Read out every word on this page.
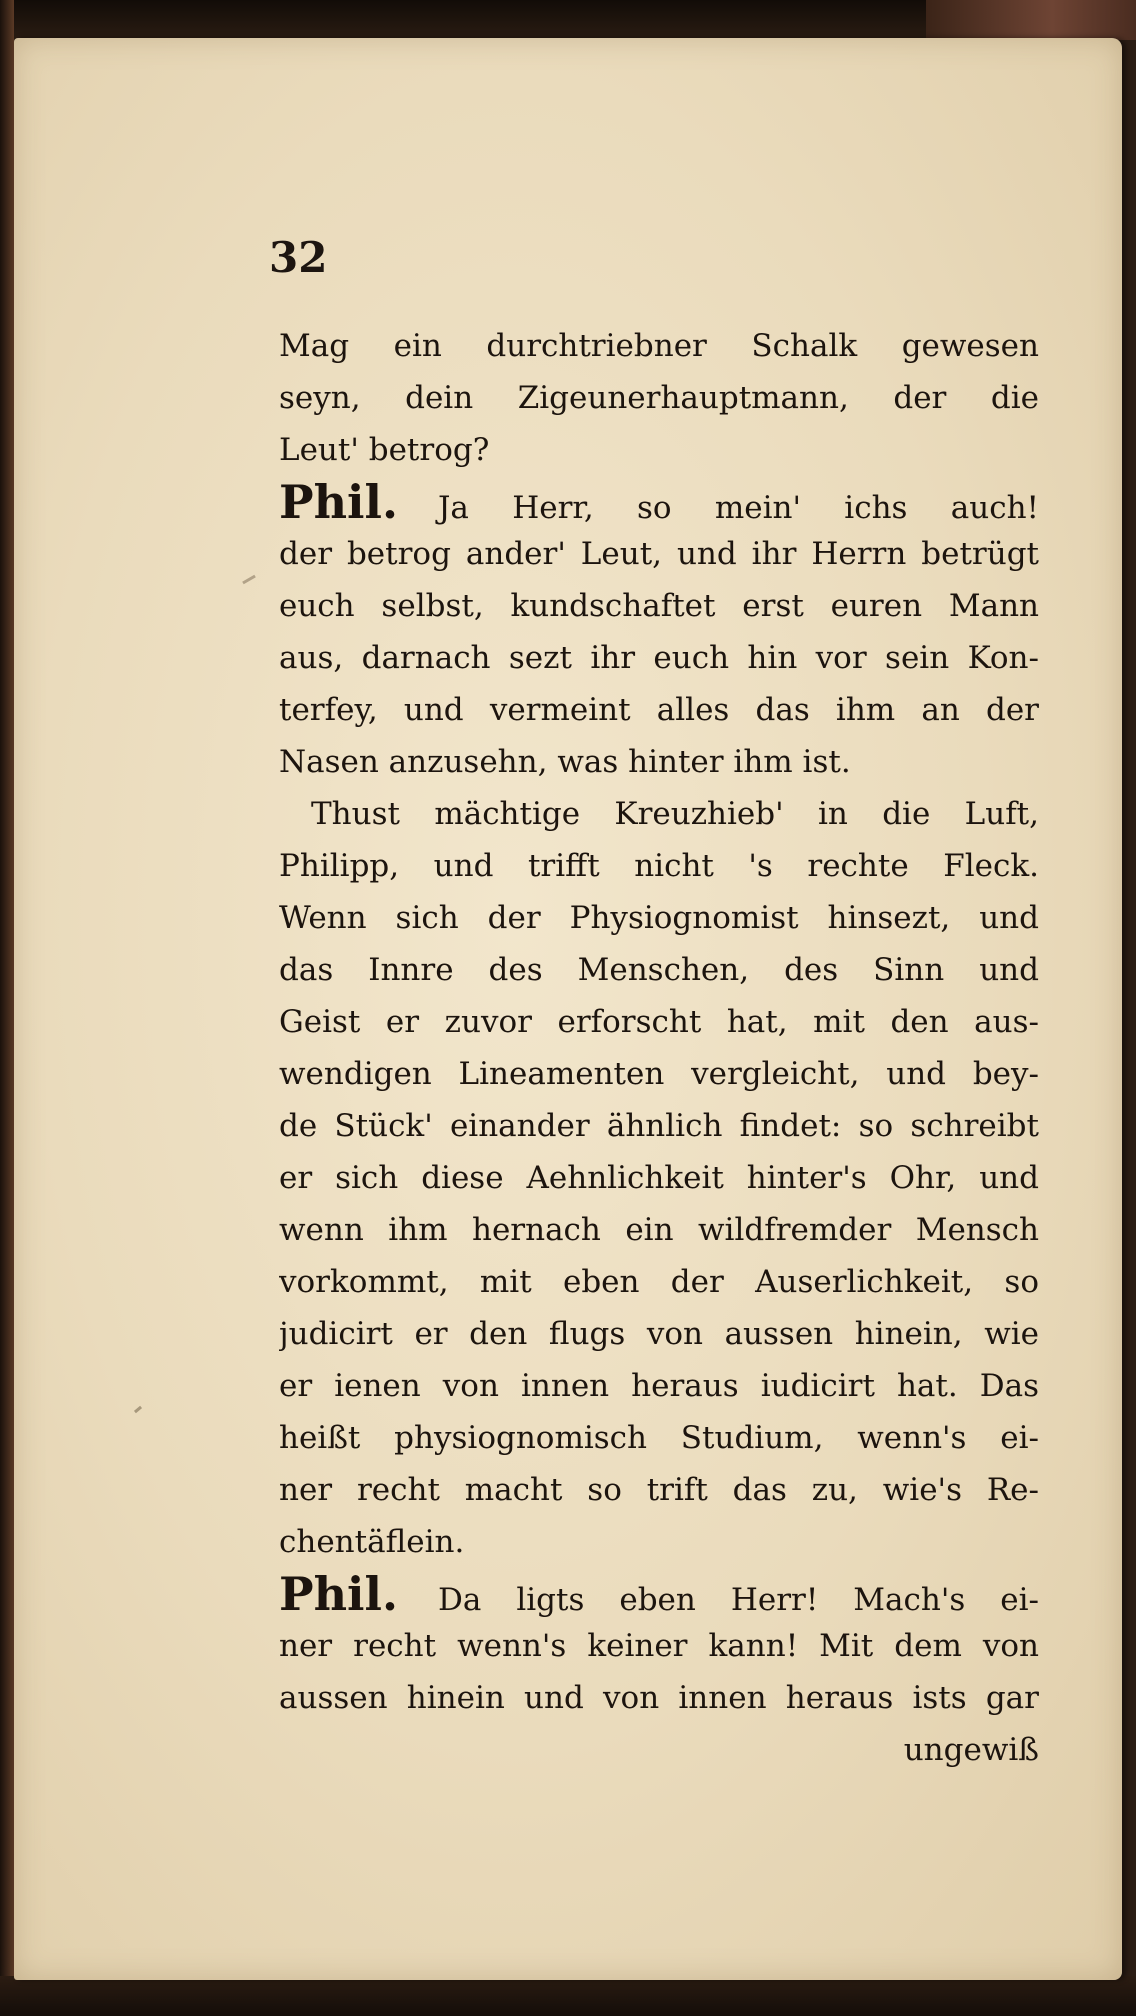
32
Mag ein durchtriebner Schalk gewesen
seyn, dein Zigeunerhauptmann, der die
Leut' betrog?
Phil. Ja Herr, so mein' ichs auch!
der betrog ander' Leut, und ihr Herrn betrügt
euch selbst, kundschaftet erst euren Mann
aus, darnach sezt ihr euch hin vor sein Kon-
terfey, und vermeint alles das ihm an der
Nasen anzusehn, was hinter ihm ist.
Thust mächtige Kreuzhieb' in die Luft,
Philipp, und trifft nicht 's rechte Fleck.
Wenn sich der Physiognomist hinsezt, und
das Innre des Menschen, des Sinn und
Geist er zuvor erforscht hat, mit den aus-
wendigen Lineamenten vergleicht, und bey-
de Stück' einander ähnlich findet: so schreibt
er sich diese Aehnlichkeit hinter's Ohr, und
wenn ihm hernach ein wildfremder Mensch
vorkommt, mit eben der Auserlichkeit, so
judicirt er den flugs von aussen hinein, wie
er ienen von innen heraus iudicirt hat. Das
heißt physiognomisch Studium, wenn's ei-
ner recht macht so trift das zu, wie's Re-
chentäflein.
Phil. Da ligts eben Herr! Mach's ei-
ner recht wenn's keiner kann! Mit dem von
aussen hinein und von innen heraus ists gar
ungewiß
